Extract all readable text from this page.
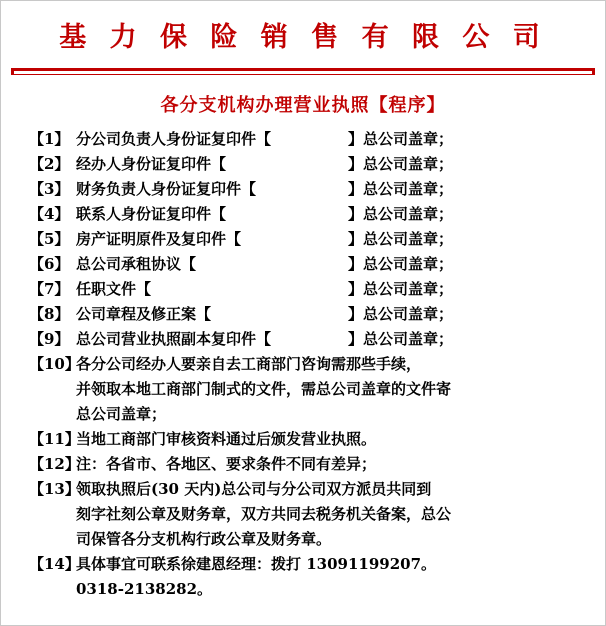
基 力 保 险 销 售 有 限 公 司
各分支机构办理营业执照【程序】
【1】 分公司负责人身份证复印件【	】总公司盖章；
【2】 经办人身份证复印件【	】总公司盖章；
【3】 财务负责人身份证复印件【	】总公司盖章；
【4】 联系人身份证复印件【	】总公司盖章；
【5】 房产证明原件及复印件【	】总公司盖章；
【6】 总公司承租协议【	】总公司盖章；
【7】 任职文件【	】总公司盖章；
【8】 公司章程及修正案【	】总公司盖章；
【9】 总公司营业执照副本复印件【	】总公司盖章；
【10】
各分公司经办人要亲自去工商部门咨询需那些手续，
并领取本地工商部门制式的文件，需总公司盖章的文件寄
总公司盖章；
【11】
当地工商部门审核资料通过后颁发营业执照。
【12】
注：各省市、各地区、要求条件不同有差异；
【13】
领取执照后(30 天内)总公司与分公司双方派员共同到
刻字社刻公章及财务章，双方共同去税务机关备案，总公
司保管各分支机构行政公章及财务章。
【14】
具体事宜可联系徐建恩经理：拨打 13091199207。
0318-2138282。
